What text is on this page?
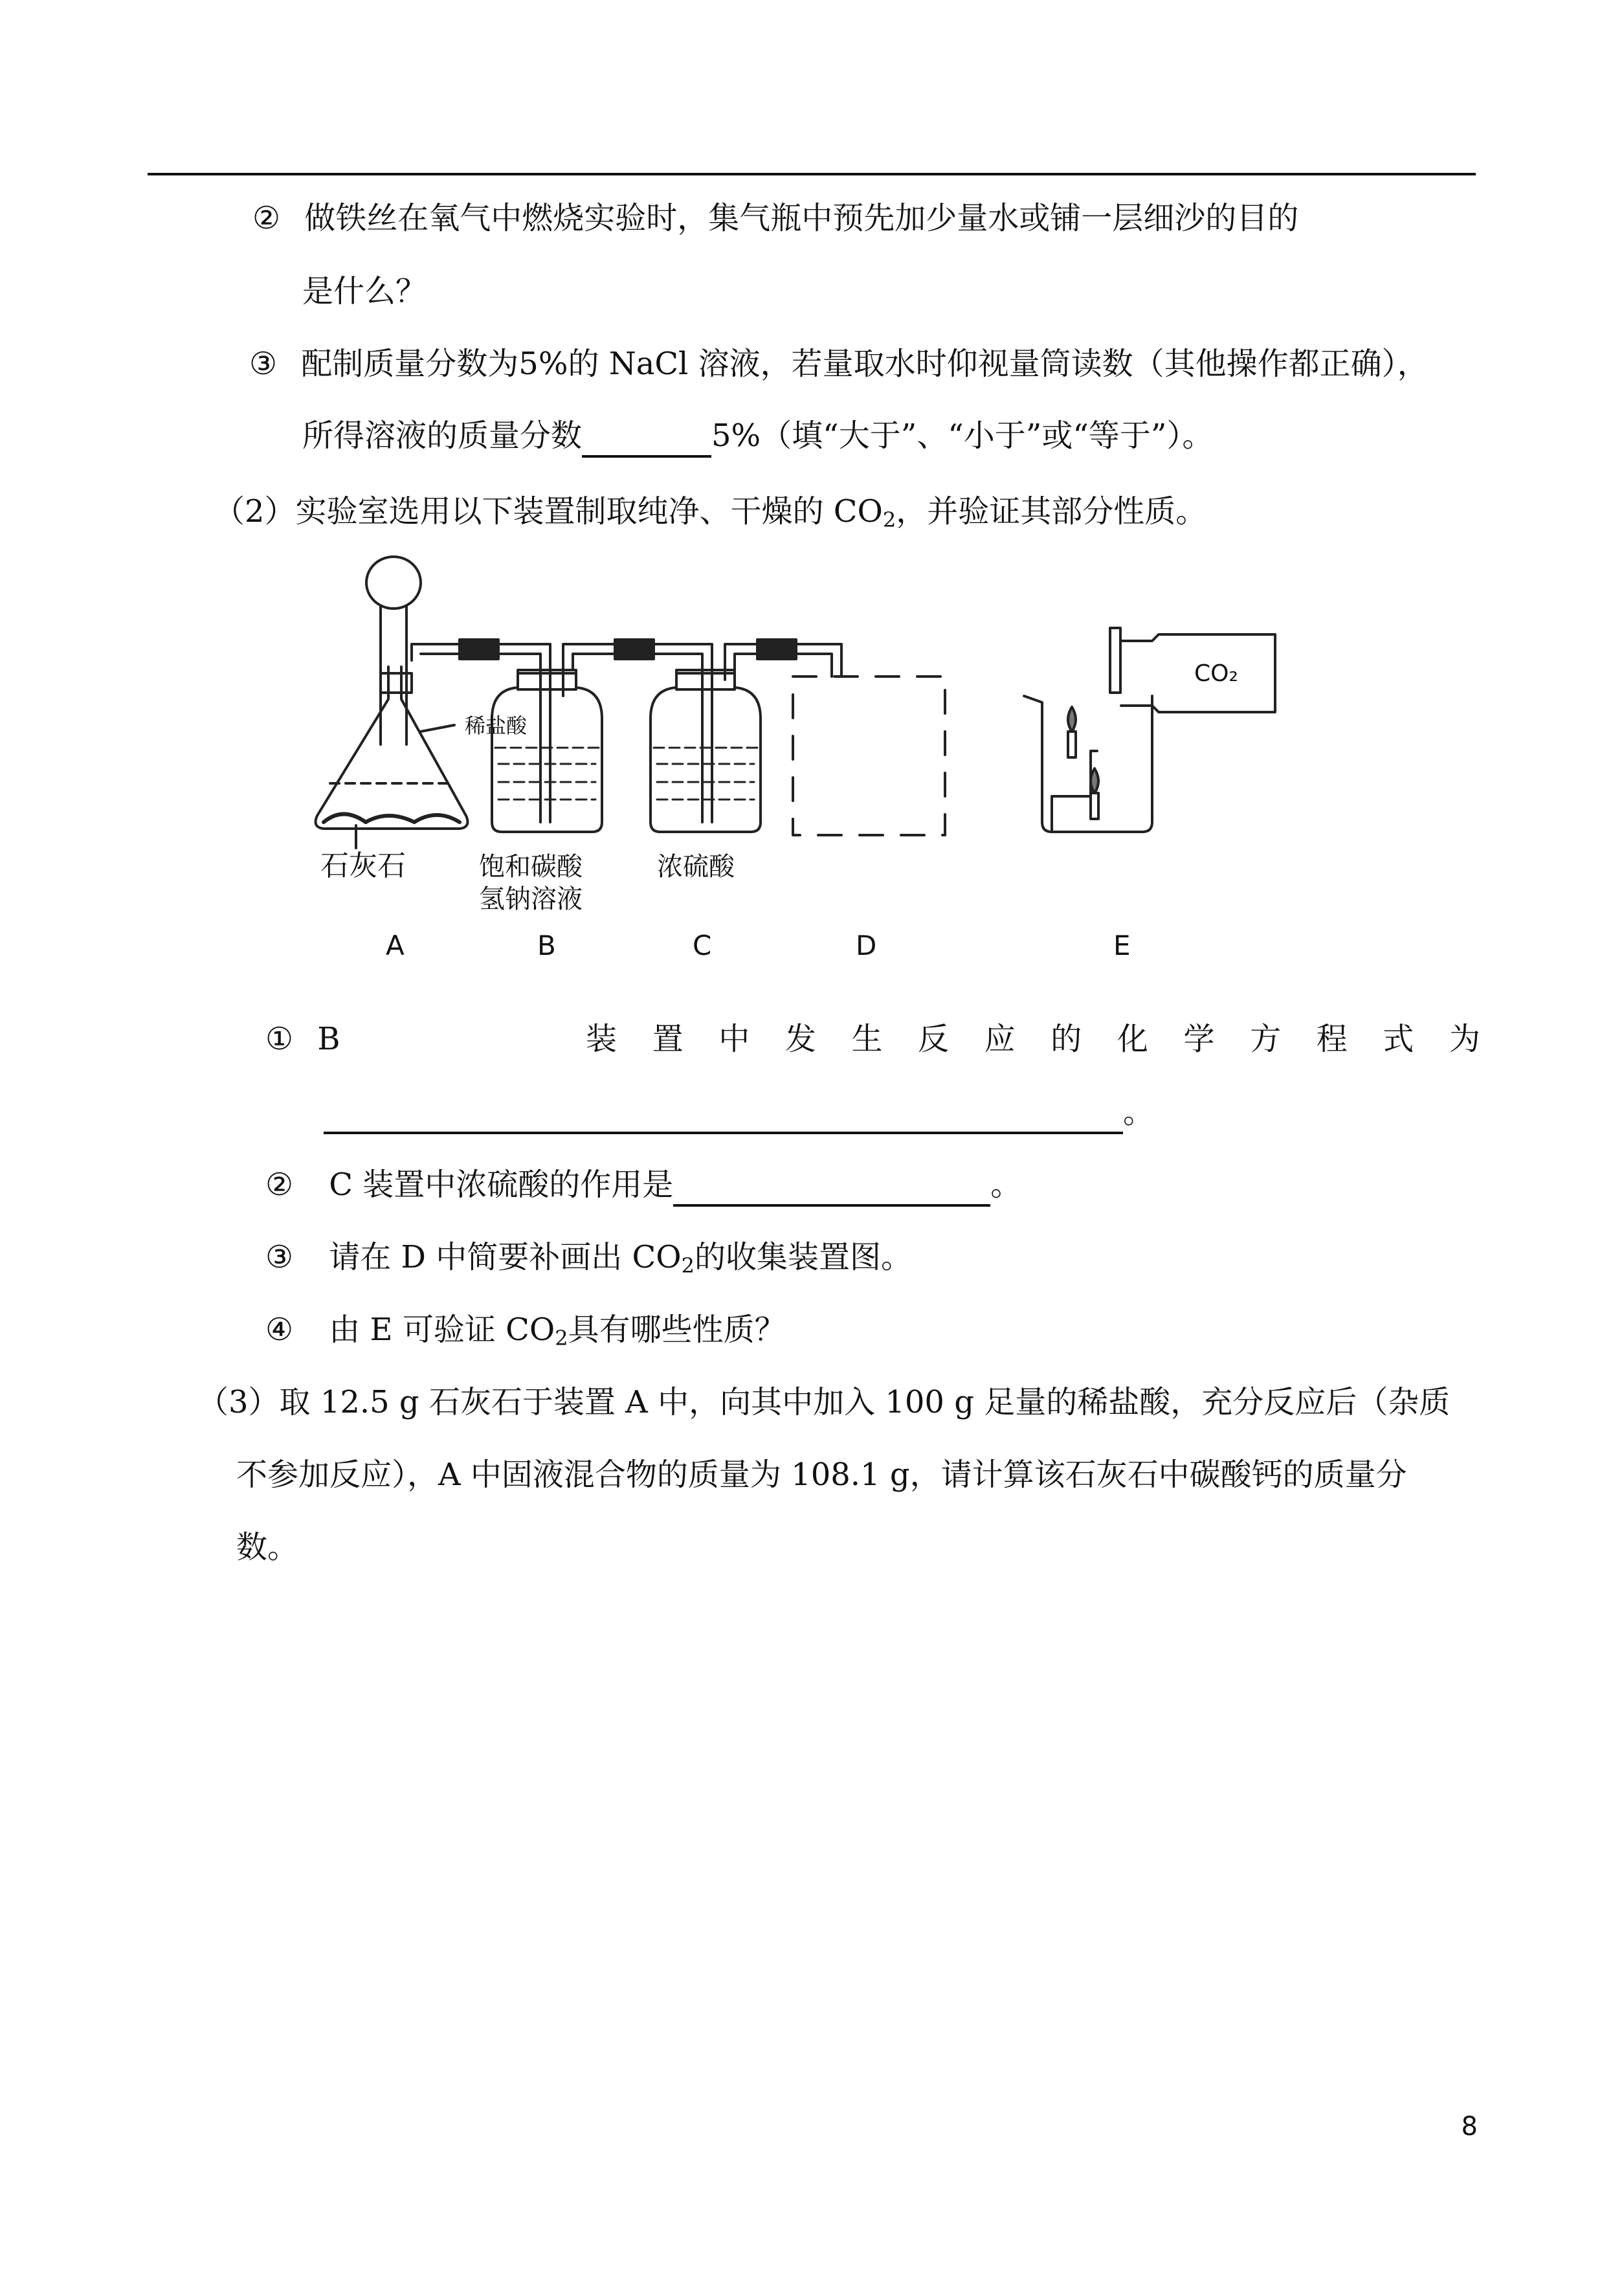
② 做铁丝在氧气中燃烧实验时，集气瓶中预先加少量水或铺一层细沙的目的
是什么？
③ 配制质量分数为5%的 NaCl 溶液，若量取水时仰视量筒读数（其他操作都正确），
所得溶液的质量分数	5%（填“大于”、“小于”或“等于”）。
（2）实验室选用以下装置制取纯净、干燥的 $CO_2$，并验证其部分性质。
稀盐酸
石灰石	饱和碳酸
氢钠溶液
浓硫酸
CO₂
A	B	C	D	E
① B	装 置 中 发 生 反 应 的 化 学 方 程 式 为
。
② C 装置中浓硫酸的作用是	。
③ 请在 D 中简要补画出 $CO_2$的收集装置图。
④ 由 E 可验证 $CO_2$具有哪些性质？
（3）取 12.5 g 石灰石于装置 A 中，向其中加入 100 g 足量的稀盐酸，充分反应后（杂质
不参加反应），A 中固液混合物的质量为 108.1 g，请计算该石灰石中碳酸钙的质量分
数。
8
